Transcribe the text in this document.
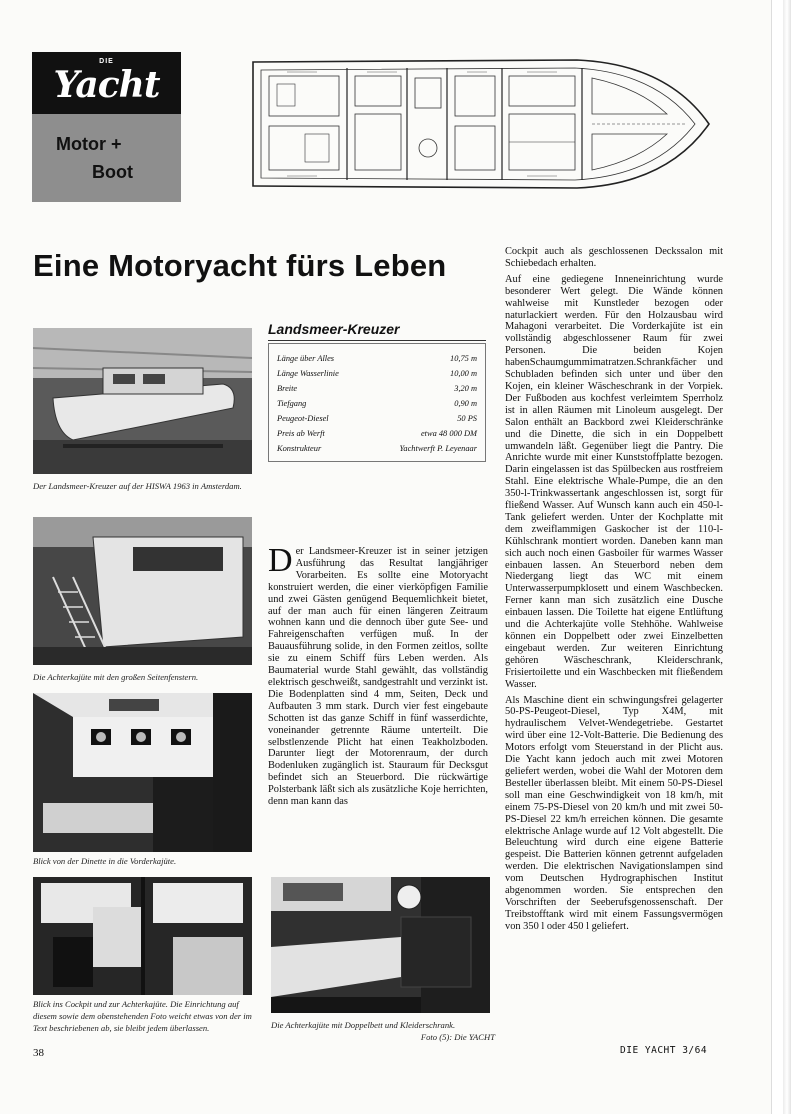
DIE
Yacht
Motor +
Boot
Eine Motoryacht fürs Leben
Der Landsmeer-Kreuzer auf der HISWA 1963 in Amsterdam.
Landsmeer-Kreuzer
Länge über Alles	10,75 m
Länge Wasserlinie	10,00 m
Breite	3,20 m
Tiefgang	0,90 m
Peugeot-Diesel	50 PS
Preis ab Werft	etwa 48 000 DM
Konstrukteur	Yachtwerft P. Leyenaar
Die Achterkajüte mit den großen Seitenfenstern.
Blick von der Dinette in die Vorderkajüte.
Blick ins Cockpit und zur Achterkajüte. Die Einrichtung auf diesem sowie dem obenstehenden Foto weicht etwas von der im Text beschriebenen ab, sie bleibt jedem überlassen.	Die Achterkajüte mit Doppelbett und Kleiderschrank.
Foto (5): Die YACHT

Der Landsmeer-Kreuzer ist in seiner jetzigen Ausführung das Resultat langjähriger Vorarbeiten. Es sollte eine Motoryacht konstruiert werden, die einer vierköpfigen Familie und zwei Gästen genügend Bequemlichkeit bietet, auf der man auch für einen längeren Zeitraum wohnen kann und die dennoch über gute See- und Fahreigenschaften verfügen muß. In der Bauausführung solide, in den Formen zeitlos, sollte sie zu einem Schiff fürs Leben werden. Als Baumaterial wurde Stahl gewählt, das vollständig elektrisch geschweißt, sandgestrahlt und verzinkt ist. Die Bodenplatten sind 4 mm, Seiten, Deck und Aufbauten 3 mm stark. Durch vier fest eingebaute Schotten ist das ganze Schiff in fünf wasserdichte, voneinander getrennte Räume unterteilt. Die selbstlenzende Plicht hat einen Teakholzboden. Darunter liegt der Motorenraum, der durch Bodenluken zugänglich ist. Stauraum für Decksgut befindet sich an Steuerbord. Die rückwärtige Polsterbank läßt sich als zusätzliche Koje herrichten, denn man kann das

Cockpit auch als geschlossenen Deckssalon mit Schiebedach erhalten.

Auf eine gediegene Inneneinrichtung wurde besonderer Wert gelegt. Die Wände können wahlweise mit Kunstleder bezogen oder naturlackiert werden. Für den Holzausbau wird Mahagoni verarbeitet. Die Vorderkajüte ist ein vollständig abgeschlossener Raum für zwei Personen. Die beiden Kojen habenSchaumgummimatratzen.Schrankfächer und Schubladen befinden sich unter und über den Kojen, ein kleiner Wäscheschrank in der Vorpiek. Der Fußboden aus kochfest verleimtem Sperrholz ist in allen Räumen mit Linoleum ausgelegt. Der Salon enthält an Backbord zwei Kleiderschränke und die Dinette, die sich in ein Doppelbett umwandeln läßt. Gegenüber liegt die Pantry. Die Anrichte wurde mit einer Kunststoffplatte bezogen. Darin eingelassen ist das Spülbecken aus rostfreiem Stahl. Eine elektrische Whale-Pumpe, die an den 350-l-Trinkwassertank angeschlossen ist, sorgt für fließend Wasser. Auf Wunsch kann auch ein 450-l-Tank geliefert werden. Unter der Kochplatte mit dem zweiflammigen Gaskocher ist der 110-l-Kühlschrank montiert worden. Daneben kann man sich auch noch einen Gasboiler für warmes Wasser einbauen lassen. An Steuerbord neben dem Niedergang liegt das WC mit einem Unterwasserpumpklosett und einem Waschbecken. Ferner kann man sich zusätzlich eine Dusche einbauen lassen. Die Toilette hat eigene Entlüftung und die Achterkajüte volle Stehhöhe. Wahlweise können ein Doppelbett oder zwei Einzelbetten eingebaut werden. Zur weiteren Einrichtung gehören Wäscheschrank, Kleiderschrank, Frisiertoilette und ein Waschbecken mit fließendem Wasser.

Als Maschine dient ein schwingungsfrei gelagerter 50-PS-Peugeot-Diesel, Typ X4M, mit hydraulischem Velvet-Wendegetriebe. Gestartet wird über eine 12-Volt-Batterie. Die Bedienung des Motors erfolgt vom Steuerstand in der Plicht aus. Die Yacht kann jedoch auch mit zwei Motoren geliefert werden, wobei die Wahl der Motoren dem Besteller überlassen bleibt. Mit einem 50-PS-Diesel soll man eine Geschwindigkeit von 18 km/h, mit einem 75-PS-Diesel von 20 km/h und mit zwei 50-PS-Diesel 22 km/h erreichen können. Die gesamte elektrische Anlage wurde auf 12 Volt abgestellt. Die Beleuchtung wird durch eine eigene Batterie gespeist. Die Batterien können getrennt aufgeladen werden. Die elektrischen Navigationslampen sind vom Deutschen Hydrographischen Institut abgenommen worden. Sie entsprechen den Vorschriften der Seeberufsgenossenschaft. Der Treibstofftank wird mit einem Fassungsvermögen von 350 l oder 450 l geliefert.

38	DIE YACHT 3/64
